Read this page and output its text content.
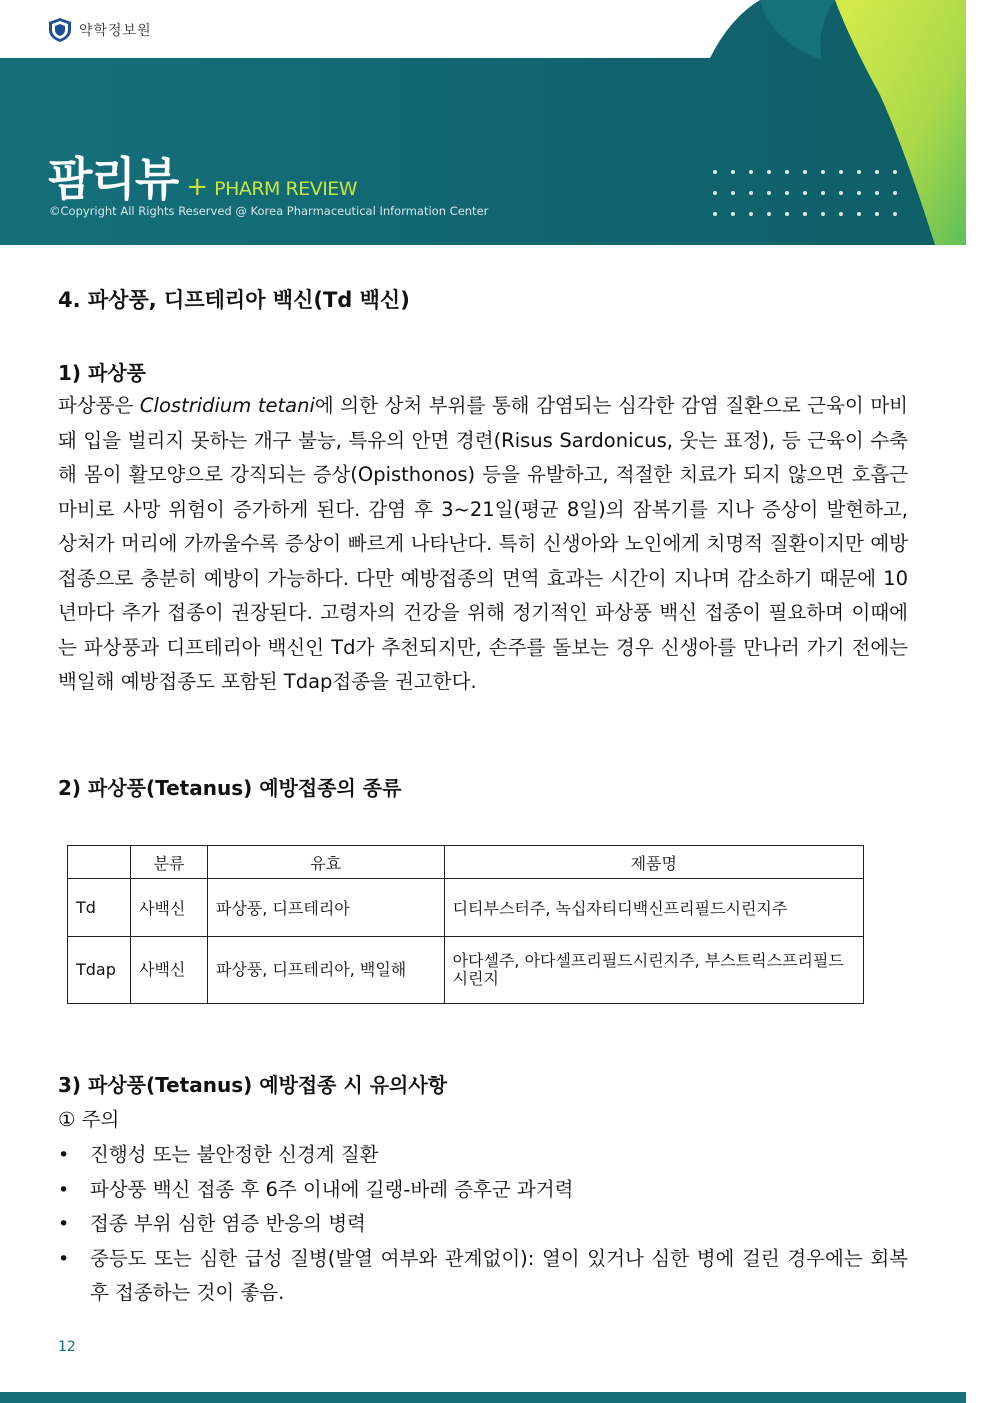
약학정보원
팜리뷰 + PHARM REVIEW
©Copyright All Rights Reserved @ Korea Pharmaceutical Information Center
4. 파상풍, 디프테리아 백신(Td 백신)
1) 파상풍

파상풍은 Clostridium tetani에 의한 상처 부위를 통해 감염되는 심각한 감염 질환으로 근육이 마비돼 입을 벌리지 못하는 개구 불능, 특유의 안면 경련(Risus Sardonicus, 웃는 표정), 등 근육이 수축해 몸이 활모양으로 강직되는 증상(Opisthonos) 등을 유발하고, 적절한 치료가 되지 않으면 호흡근 마비로 사망 위험이 증가하게 된다. 감염 후 3~21일(평균 8일)의 잠복기를 지나 증상이 발현하고, 상처가 머리에 가까울수록 증상이 빠르게 나타난다. 특히 신생아와 노인에게 치명적 질환이지만 예방접종으로 충분히 예방이 가능하다. 다만 예방접종의 면역 효과는 시간이 지나며 감소하기 때문에 10년마다 추가 접종이 권장된다. 고령자의 건강을 위해 정기적인 파상풍 백신 접종이 필요하며 이때에는 파상풍과 디프테리아 백신인 Td가 추천되지만, 손주를 돌보는 경우 신생아를 만나러 가기 전에는 백일해 예방접종도 포함된 Tdap접종을 권고한다.

2) 파상풍(Tetanus) 예방접종의 종류
	분류	유효	제품명
Td	사백신	파상풍, 디프테리아	디티부스터주, 녹십자티디백신프리필드시린지주
Tdap	사백신	파상풍, 디프테리아, 백일해	아다셀주, 아다셀프리필드시린지주, 부스트릭스프리필드시린지
3) 파상풍(Tetanus) 예방접종 시 유의사항
① 주의
• 진행성 또는 불안정한 신경계 질환
• 파상풍 백신 접종 후 6주 이내에 길랭-바레 증후군 과거력
• 접종 부위 심한 염증 반응의 병력
• 중등도 또는 심한 급성 질병(발열 여부와 관계없이): 열이 있거나 심한 병에 걸린 경우에는 회복 후 접종하는 것이 좋음.
12
